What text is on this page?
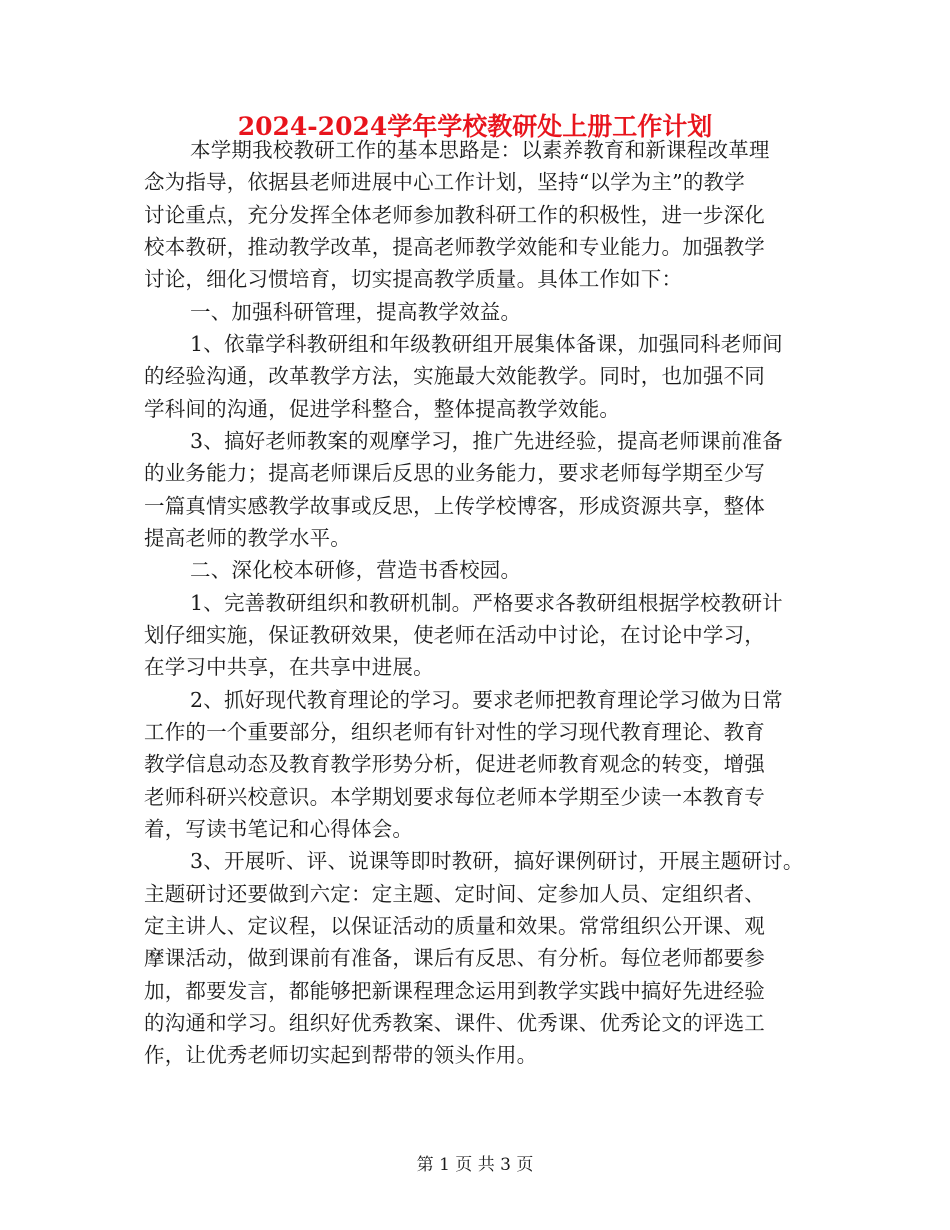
2024-2024学年学校教研处上册工作计划
本学期我校教研工作的基本思路是：以素养教育和新课程改革理
念为指导，依据县老师进展中心工作计划，坚持“以学为主”的教学
讨论重点，充分发挥全体老师参加教科研工作的积极性，进一步深化
校本教研，推动教学改革，提高老师教学效能和专业能力。加强教学
讨论，细化习惯培育，切实提高教学质量。具体工作如下：
一、加强科研管理，提高教学效益。
1、依靠学科教研组和年级教研组开展集体备课，加强同科老师间
的经验沟通，改革教学方法，实施最大效能教学。同时，也加强不同
学科间的沟通，促进学科整合，整体提高教学效能。
3、搞好老师教案的观摩学习，推广先进经验，提高老师课前准备
的业务能力；提高老师课后反思的业务能力，要求老师每学期至少写
一篇真情实感教学故事或反思，上传学校博客，形成资源共享，整体
提高老师的教学水平。
二、深化校本研修，营造书香校园。
1、完善教研组织和教研机制。严格要求各教研组根据学校教研计
划仔细实施，保证教研效果，使老师在活动中讨论，在讨论中学习，
在学习中共享，在共享中进展。
2、抓好现代教育理论的学习。要求老师把教育理论学习做为日常
工作的一个重要部分，组织老师有针对性的学习现代教育理论、教育
教学信息动态及教育教学形势分析，促进老师教育观念的转变，增强
老师科研兴校意识。本学期划要求每位老师本学期至少读一本教育专
着，写读书笔记和心得体会。
3、开展听、评、说课等即时教研，搞好课例研讨，开展主题研讨。
主题研讨还要做到六定：定主题、定时间、定参加人员、定组织者、
定主讲人、定议程，以保证活动的质量和效果。常常组织公开课、观
摩课活动，做到课前有准备，课后有反思、有分析。每位老师都要参
加，都要发言，都能够把新课程理念运用到教学实践中搞好先进经验
的沟通和学习。组织好优秀教案、课件、优秀课、优秀论文的评选工
作，让优秀老师切实起到帮带的领头作用。
第 1 页 共 3 页
